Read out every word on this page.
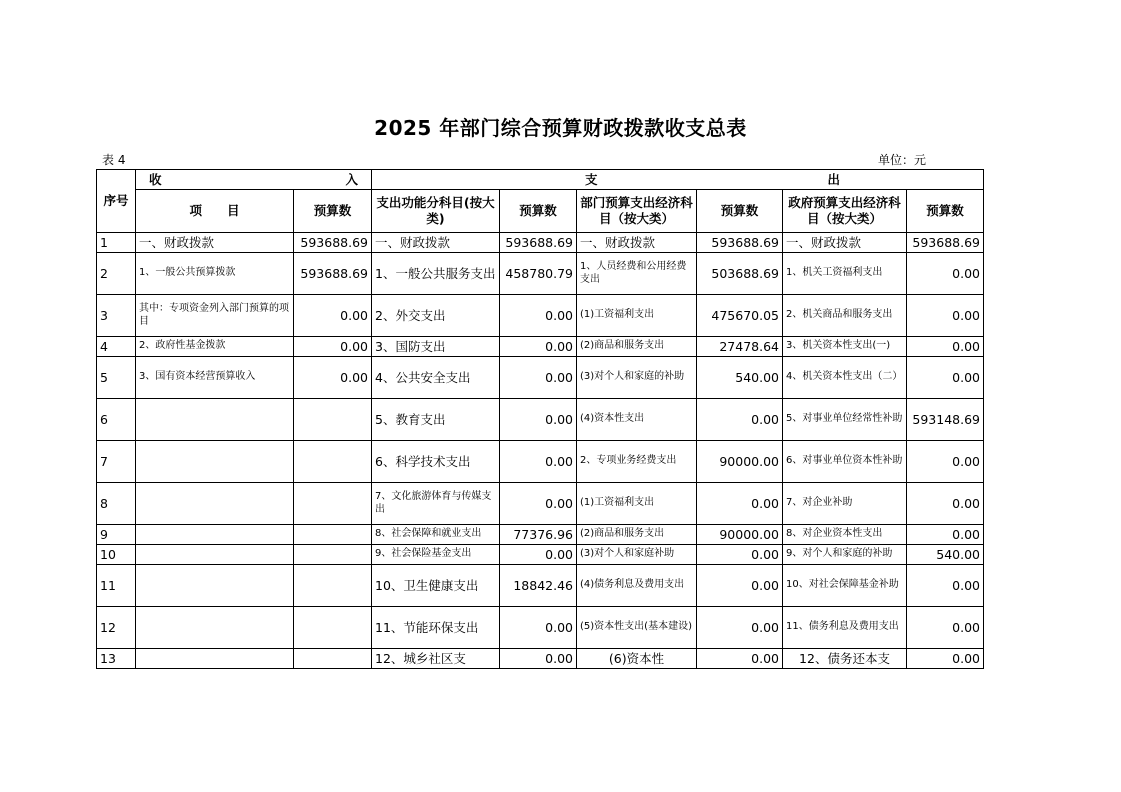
2025 年部门综合预算财政拨款收支总表
表 4	单位：元
序号	收 入		支 出					

	项　　目	预算数	支出功能分科目(按大类)	预算数	部门预算支出经济科目（按大类）	预算数	政府预算支出经济科目（按大类）	预算数
1	一、财政拨款	593688.69	一、财政拨款	593688.69	一、财政拨款	593688.69	一、财政拨款	593688.69
2	1、一般公共预算拨款	593688.69	1、一般公共服务支出	458780.79	1、人员经费和公用经费支出	503688.69	1、机关工资福利支出	0.00
3	其中：专项资金列入部门预算的项目	0.00	2、外交支出	0.00	(1)工资福利支出	475670.05	2、机关商品和服务支出	0.00
4	2、政府性基金拨款	0.00	3、国防支出	0.00	(2)商品和服务支出	27478.64	3、机关资本性支出(一)	0.00
5	3、国有资本经营预算收入	0.00	4、公共安全支出	0.00	(3)对个人和家庭的补助	540.00	4、机关资本性支出（二）	0.00
6			5、教育支出	0.00	(4)资本性支出	0.00	5、对事业单位经常性补助	593148.69
7			6、科学技术支出	0.00	2、专项业务经费支出	90000.00	6、对事业单位资本性补助	0.00
8			7、文化旅游体育与传媒支出	0.00	(1)工资福利支出	0.00	7、对企业补助	0.00
9			8、社会保障和就业支出	77376.96	(2)商品和服务支出	90000.00	8、对企业资本性支出	0.00
10			9、社会保险基金支出	0.00	(3)对个人和家庭补助	0.00	9、对个人和家庭的补助	540.00
11			10、卫生健康支出	18842.46	(4)债务利息及费用支出	0.00	10、对社会保障基金补助	0.00
12			11、节能环保支出	0.00	(5)资本性支出(基本建设)	0.00	11、债务利息及费用支出	0.00
13			12、城乡社区支	0.00	(6)资本性	0.00	12、债务还本支	0.00
